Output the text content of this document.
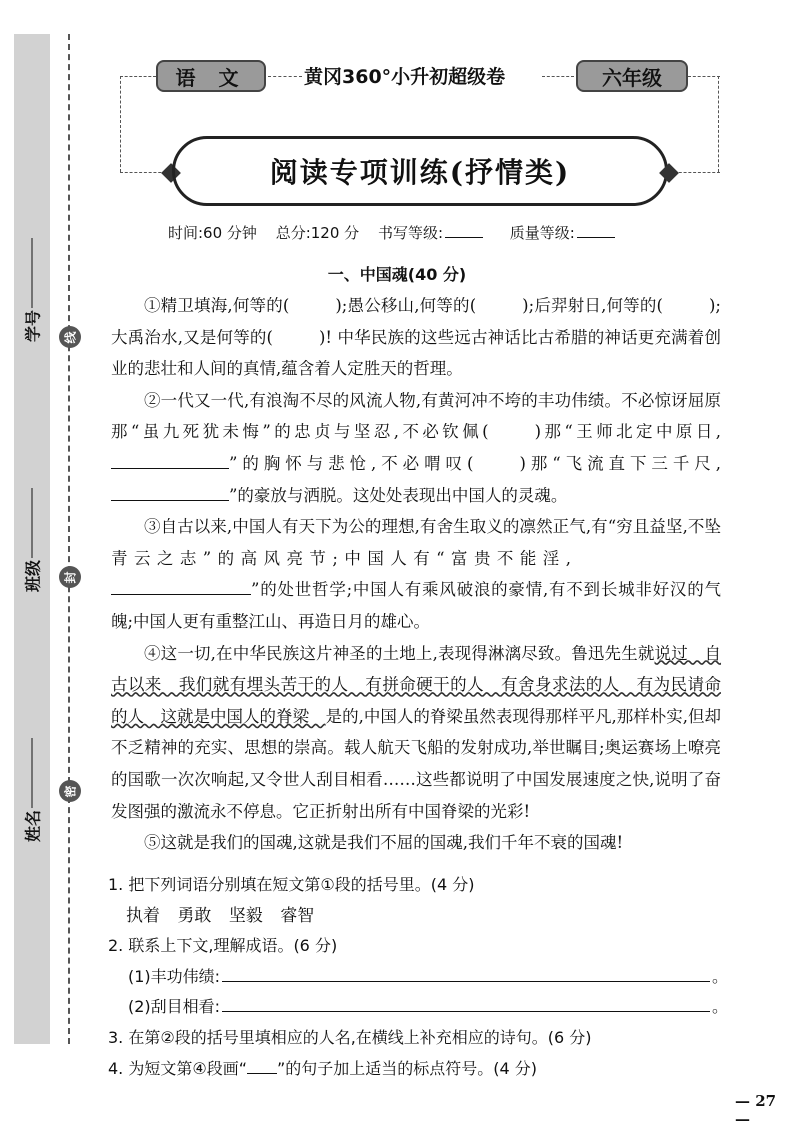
线
封
密
学号
班级
姓名
语 文	黄冈360°小升初超级卷	六年级
阅读专项训练(抒情类)
时间:60 分钟 总分:120 分 书写等级:	质量等级:
一、中国魂(40 分)

①精卫填海,何等的(	);愚公移山,何等的(	);后羿射日,何等的(	);大禹治水,又是何等的(	)! 中华民族的这些远古神话比古希腊的神话更充满着创业的悲壮和人间的真情,蕴含着人定胜天的哲理。

②一代又一代,有浪淘不尽的风流人物,有黄河冲不垮的丰功伟绩。不必惊讶屈原那“虽九死犹未悔”的忠贞与坚忍,不必钦佩(	)那“王师北定中原日,”的胸怀与悲怆,不必喟叹(	)那“飞流直下三千尺,”的豪放与洒脱。这处处表现出中国人的灵魂。

③自古以来,中国人有天下为公的理想,有舍生取义的凛然正气,有“穷且益坚,不坠青云之志”的高风亮节;中国人有“富贵不能淫,”的处世哲学;中国人有乘风破浪的豪情,有不到长城非好汉的气魄;中国人更有重整江山、再造日月的雄心。

④这一切,在中华民族这片神圣的土地上,表现得淋漓尽致。鲁迅先生就说过　自古以来　我们就有埋头苦干的人　有拼命硬干的人　有舍身求法的人　有为民请命的人　这就是中国人的脊梁　是的,中国人的脊梁虽然表现得那样平凡,那样朴实,但却不乏精神的充实、思想的崇高。载人航天飞船的发射成功,举世瞩目;奥运赛场上嘹亮的国歌一次次响起,又令世人刮目相看……这些都说明了中国发展速度之快,说明了奋发图强的激流永不停息。它正折射出所有中国脊梁的光彩!

⑤这就是我们的国魂,这就是我们不屈的国魂,我们千年不衰的国魂!

1. 把下列词语分别填在短文第①段的括号里。(4 分)
执着 勇敢 坚毅 睿智
2. 联系上下文,理解成语。(6 分)
(1)丰功伟绩:	。
(2)刮目相看:	。
3. 在第②段的括号里填相应的人名,在横线上补充相应的诗句。(6 分)
4. 为短文第④段画“ ”的句子加上适当的标点符号。(4 分)
— 27 —
